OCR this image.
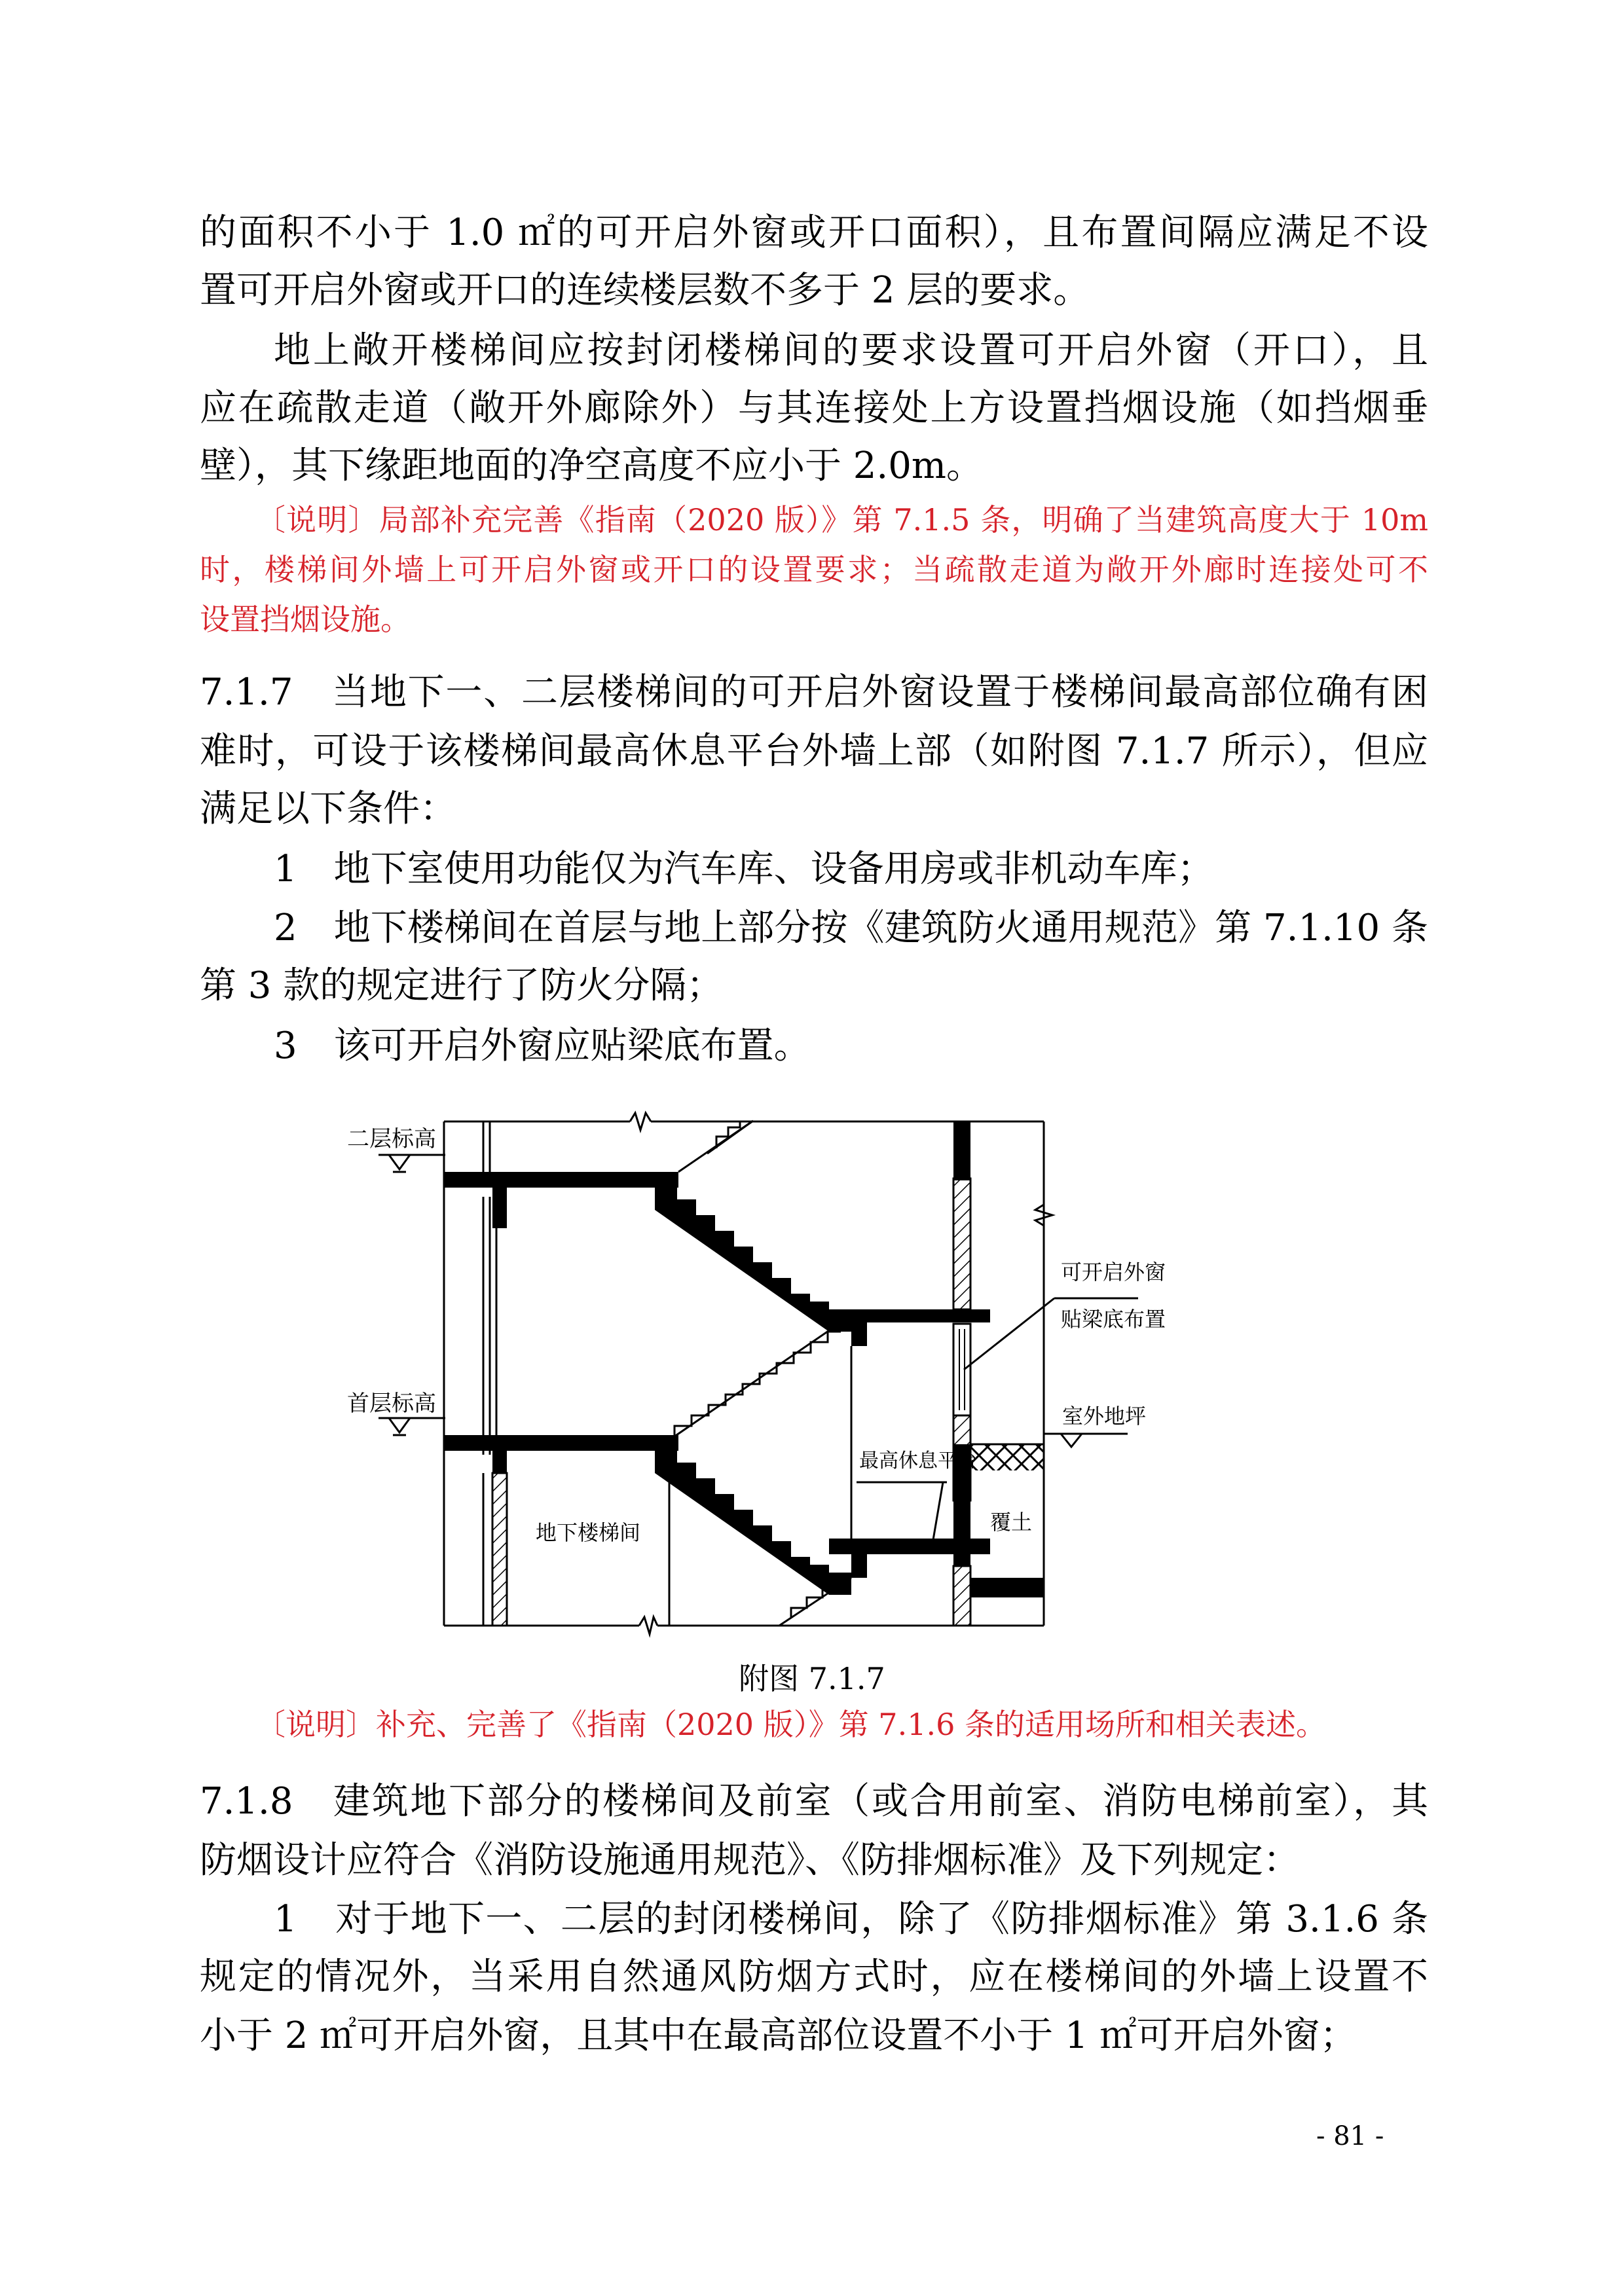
的面积不小于 1.0 ㎡的可开启外窗或开口面积），且布置间隔应满足不设

置可开启外窗或开口的连续楼层数不多于 2 层的要求。

地上敞开楼梯间应按封闭楼梯间的要求设置可开启外窗（开口），且

应在疏散走道（敞开外廊除外）与其连接处上方设置挡烟设施（如挡烟垂

壁），其下缘距地面的净空高度不应小于 2.0m。

〔说明〕局部补充完善《指南（2020 版）》第 7.1.5 条，明确了当建筑高度大于 10m

时，楼梯间外墙上可开启外窗或开口的设置要求；当疏散走道为敞开外廊时连接处可不

设置挡烟设施。

7.1.7　当地下一、二层楼梯间的可开启外窗设置于楼梯间最高部位确有困

难时，可设于该楼梯间最高休息平台外墙上部（如附图 7.1.7 所示），但应

满足以下条件：

1　地下室使用功能仅为汽车库、设备用房或非机动车库；

2　地下楼梯间在首层与地上部分按《建筑防火通用规范》第 7.1.10 条

第 3 款的规定进行了防火分隔；

3　该可开启外窗应贴梁底布置。

二层标高
首层标高
可开启外窗
贴梁底布置
室外地坪
最高休息平台
地下楼梯间	覆土

附图 7.1.7

〔说明〕补充、完善了《指南（2020 版）》第 7.1.6 条的适用场所和相关表述。

7.1.8　建筑地下部分的楼梯间及前室（或合用前室、消防电梯前室），其

防烟设计应符合《消防设施通用规范》、《防排烟标准》及下列规定：

1　对于地下一、二层的封闭楼梯间，除了《防排烟标准》第 3.1.6 条

规定的情况外，当采用自然通风防烟方式时，应在楼梯间的外墙上设置不

小于 2 ㎡可开启外窗，且其中在最高部位设置不小于 1 ㎡可开启外窗；

- 81 -
